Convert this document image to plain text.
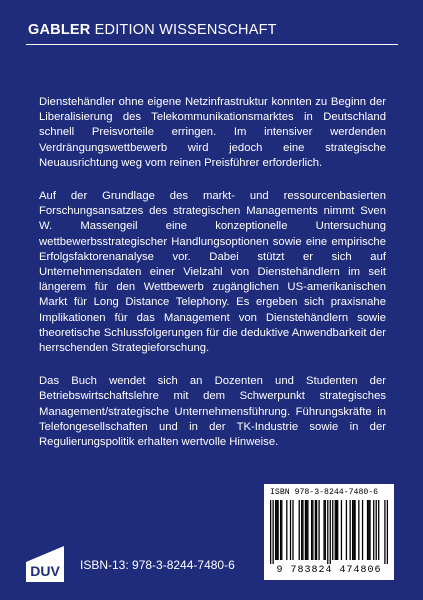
GABLER EDITION WISSENSCHAFT

Dienstehändler ohne eigene Netzinfrastruktur konnten zu Beginn der Liberalisierung des Telekommunikationsmarktes in Deutschland schnell Preisvorteile erringen. Im intensiver werdenden Verdrängungswettbewerb wird jedoch eine strategische Neuausrichtung weg vom reinen Preisführer erforderlich.

Auf der Grundlage des markt- und ressourcenbasierten Forschungsansatzes des strategischen Managements nimmt Sven W. Massengeil eine konzeptionelle Untersuchung wettbewerbsstrategischer Handlungsoptionen sowie eine empirische Erfolgsfaktorenanalyse vor. Dabei stützt er sich auf Unternehmensdaten einer Vielzahl von Dienstehändlern im seit längerem für den Wettbewerb zugänglichen US-amerikanischen Markt für Long Distance Telephony. Es ergeben sich praxisnahe Implikationen für das Management von Dienstehändlern sowie theoretische Schlussfolgerungen für die deduktive Anwendbarkeit der herrschenden Strategieforschung.

Das Buch wendet sich an Dozenten und Studenten der Betriebswirtschaftslehre mit dem Schwerpunkt strategisches Management/strategische Unternehmensführung. Führungskräfte in Telefongesellschaften und in der TK-Industrie sowie in der Regulierungspolitik erhalten wertvolle Hinweise.

DUV ISBN-13: 978-3-8244-7480-6
ISBN 978-3-8244-7480-6
9 783824 474806
